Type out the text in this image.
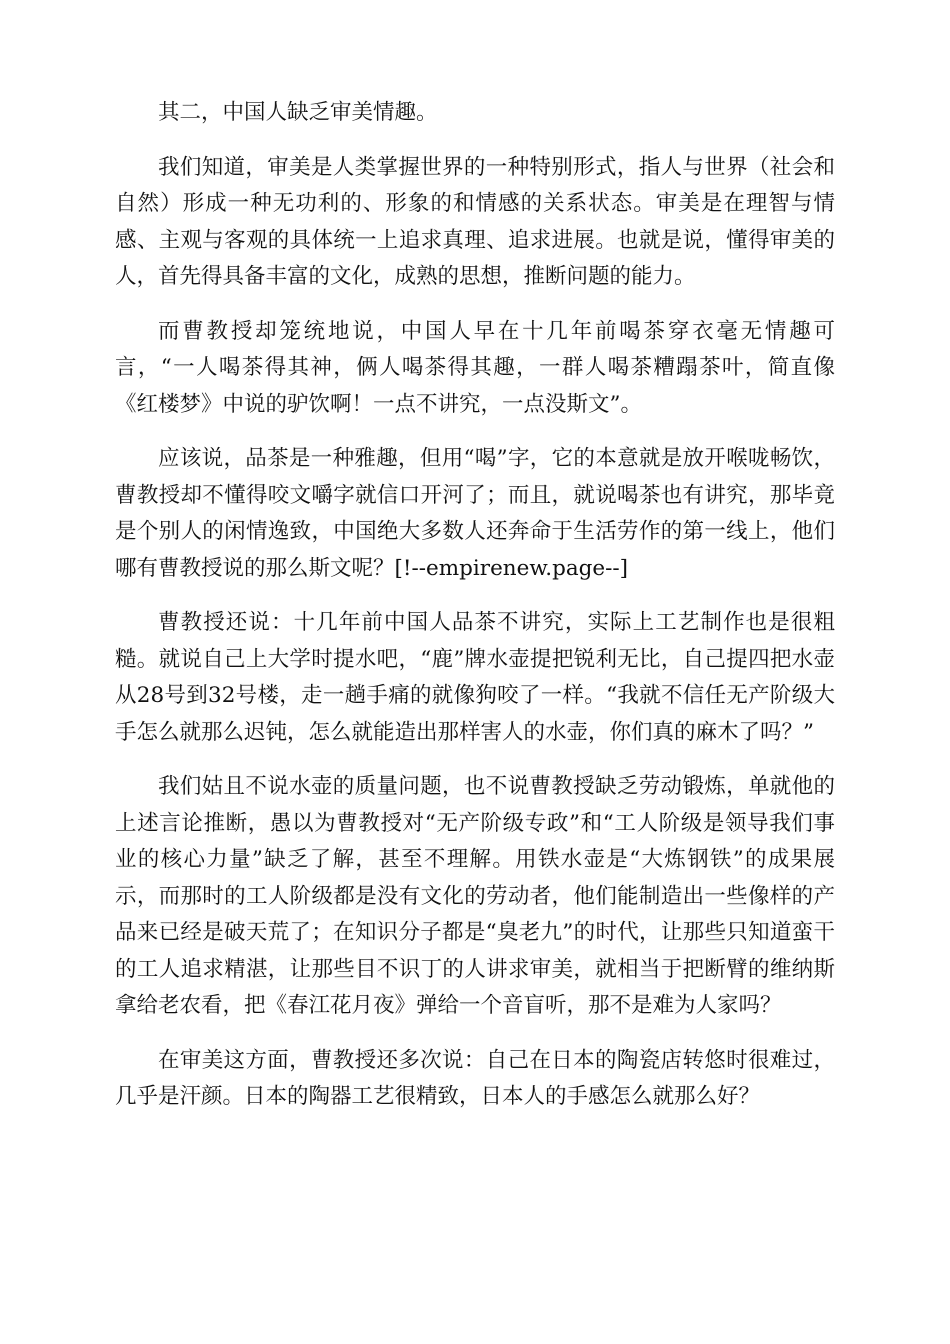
其二，中国人缺乏审美情趣。

我们知道，审美是人类掌握世界的一种特别形式，指人与世界（社会和自然）形成一种无功利的、形象的和情感的关系状态。审美是在理智与情感、主观与客观的具体统一上追求真理、追求进展。也就是说，懂得审美的人，首先得具备丰富的文化，成熟的思想，推断问题的能力。

而曹教授却笼统地说，中国人早在十几年前喝茶穿衣毫无情趣可言，“一人喝茶得其神，俩人喝茶得其趣，一群人喝茶糟蹋茶叶，简直像《红楼梦》中说的驴饮啊！一点不讲究，一点没斯文”。

应该说，品茶是一种雅趣，但用“喝”字，它的本意就是放开喉咙畅饮，曹教授却不懂得咬文嚼字就信口开河了；而且，就说喝茶也有讲究，那毕竟是个别人的闲情逸致，中国绝大多数人还奔命于生活劳作的第一线上，他们哪有曹教授说的那么斯文呢？[!--empirenew.page--]

曹教授还说：十几年前中国人品茶不讲究，实际上工艺制作也是很粗糙。就说自己上大学时提水吧，“鹿”牌水壶提把锐利无比，自己提四把水壶从28号到32号楼，走一趟手痛的就像狗咬了一样。“我就不信任无产阶级大手怎么就那么迟钝，怎么就能造出那样害人的水壶，你们真的麻木了吗？”

我们姑且不说水壶的质量问题，也不说曹教授缺乏劳动锻炼，单就他的上述言论推断，愚以为曹教授对“无产阶级专政”和“工人阶级是领导我们事业的核心力量”缺乏了解，甚至不理解。用铁水壶是“大炼钢铁”的成果展示，而那时的工人阶级都是没有文化的劳动者，他们能制造出一些像样的产品来已经是破天荒了；在知识分子都是“臭老九”的时代，让那些只知道蛮干的工人追求精湛，让那些目不识丁的人讲求审美，就相当于把断臂的维纳斯拿给老农看，把《春江花月夜》弹给一个音盲听，那不是难为人家吗？

在审美这方面，曹教授还多次说：自己在日本的陶瓷店转悠时很难过，几乎是汗颜。日本的陶器工艺很精致，日本人的手感怎么就那么好？
